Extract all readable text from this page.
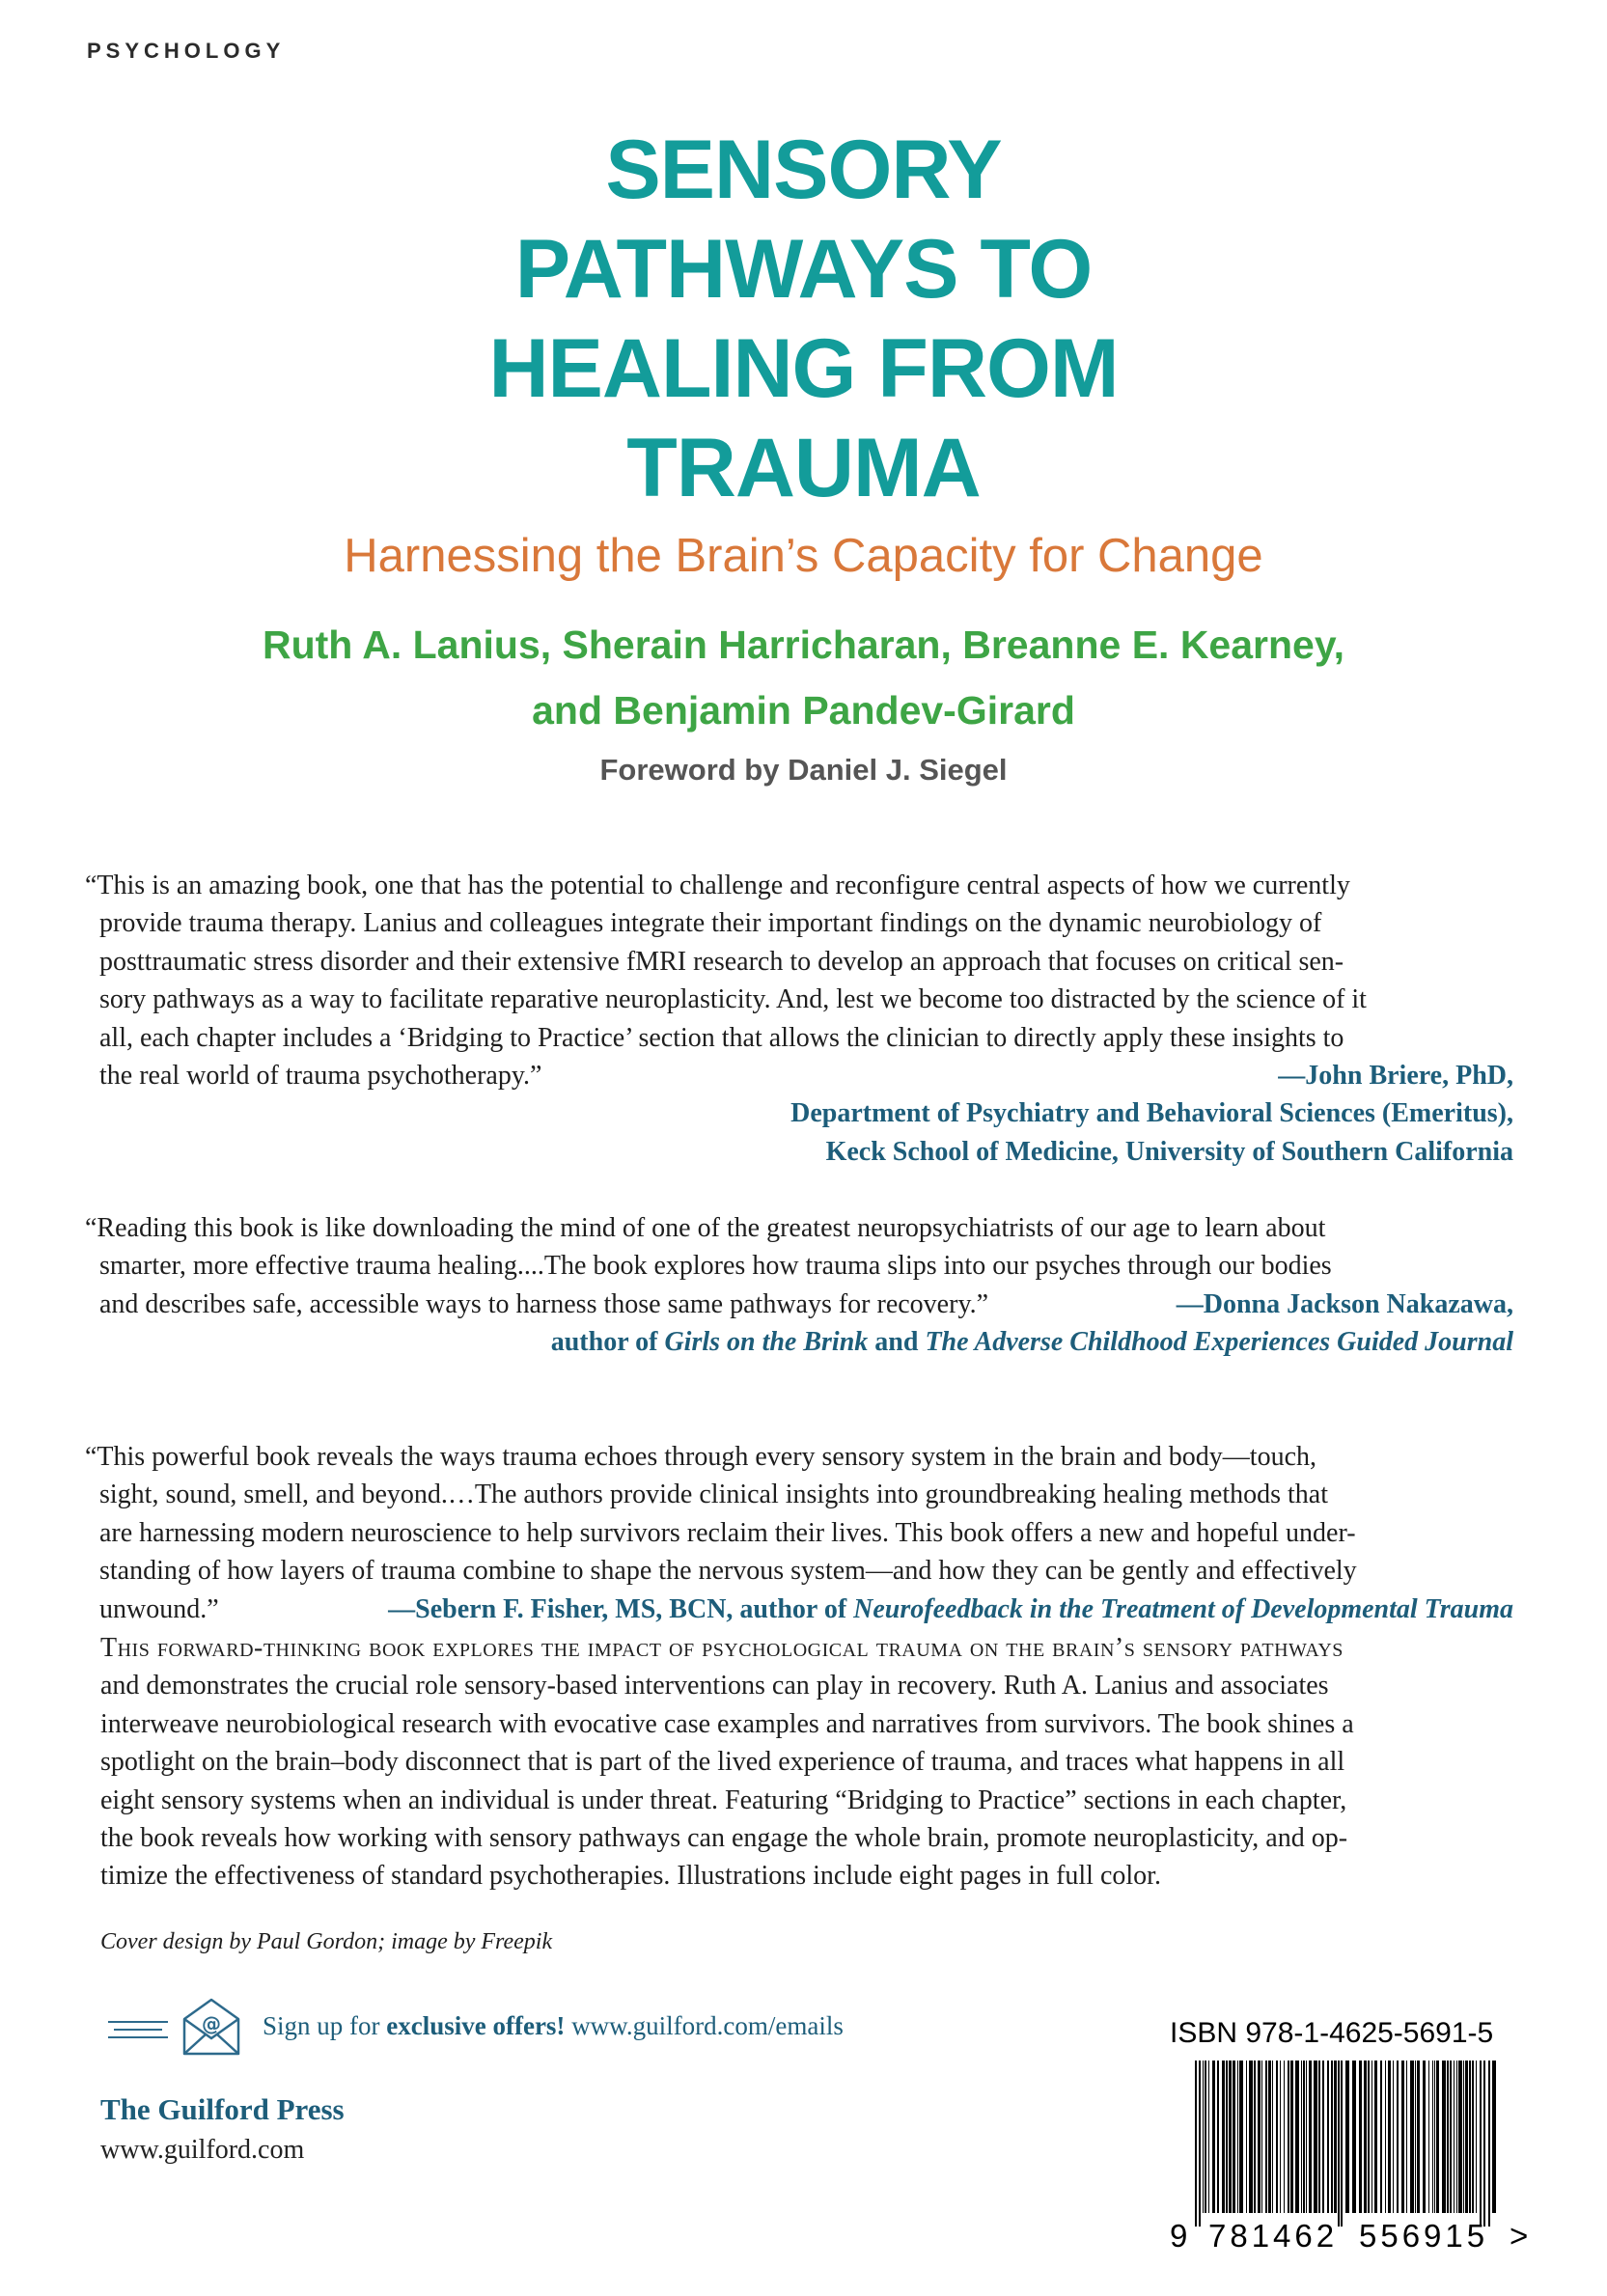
PSYCHOLOGY
SENSORY
PATHWAYS TO
HEALING FROM
TRAUMA
Harnessing the Brain’s Capacity for Change
Ruth A. Lanius, Sherain Harricharan, Breanne E. Kearney,
and Benjamin Pandev-Girard
Foreword by Daniel J. Siegel
“This is an amazing book, one that has the potential to challenge and reconfigure central aspects of how we currently
provide trauma therapy. Lanius and colleagues integrate their important findings on the dynamic neurobiology of
posttraumatic stress disorder and their extensive fMRI research to develop an approach that focuses on critical sen-
sory pathways as a way to facilitate reparative neuroplasticity. And, lest we become too distracted by the science of it
all, each chapter includes a ‘Bridging to Practice’ section that allows the clinician to directly apply these insights to
the real world of trauma psychotherapy.”	—John Briere, PhD,
Department of Psychiatry and Behavioral Sciences (Emeritus),
Keck School of Medicine, University of Southern California
“Reading this book is like downloading the mind of one of the greatest neuropsychiatrists of our age to learn about
smarter, more effective trauma healing....The book explores how trauma slips into our psyches through our bodies
and describes safe, accessible ways to harness those same pathways for recovery.”	—Donna Jackson Nakazawa,
author of
Girls on the Brink
and
The Adverse Childhood Experiences Guided Journal
“This powerful book reveals the ways trauma echoes through every sensory system in the brain and body—touch,
sight, sound, smell, and beyond.…The authors provide clinical insights into groundbreaking healing methods that
are harnessing modern neuroscience to help survivors reclaim their lives. This book offers a new and hopeful under-
standing of how layers of trauma combine to shape the nervous system—and how they can be gently and effectively
unwound.”	—Sebern F. Fisher, MS, BCN, author of
Neurofeedback in the Treatment of Developmental Trauma
This forward-thinking book explores the impact of psychological trauma on the brain’s sensory pathways
and demonstrates the crucial role sensory-based interventions can play in recovery. Ruth A. Lanius and associates
interweave neurobiological research with evocative case examples and narratives from survivors. The book shines a
spotlight on the brain–body disconnect that is part of the lived experience of trauma, and traces what happens in all
eight sensory systems when an individual is under threat. Featuring “Bridging to Practice” sections in each chapter,
the book reveals how working with sensory pathways can engage the whole brain, promote neuroplasticity, and op-
timize the effectiveness of standard psychotherapies. Illustrations include eight pages in full color.
Cover design by Paul Gordon; image by Freepik
@ Sign up for exclusive offers! www.guilford.com/emails
The Guilford Press
www.guilford.com
ISBN 978-1-4625-5691-5
9 781462 556915 >
